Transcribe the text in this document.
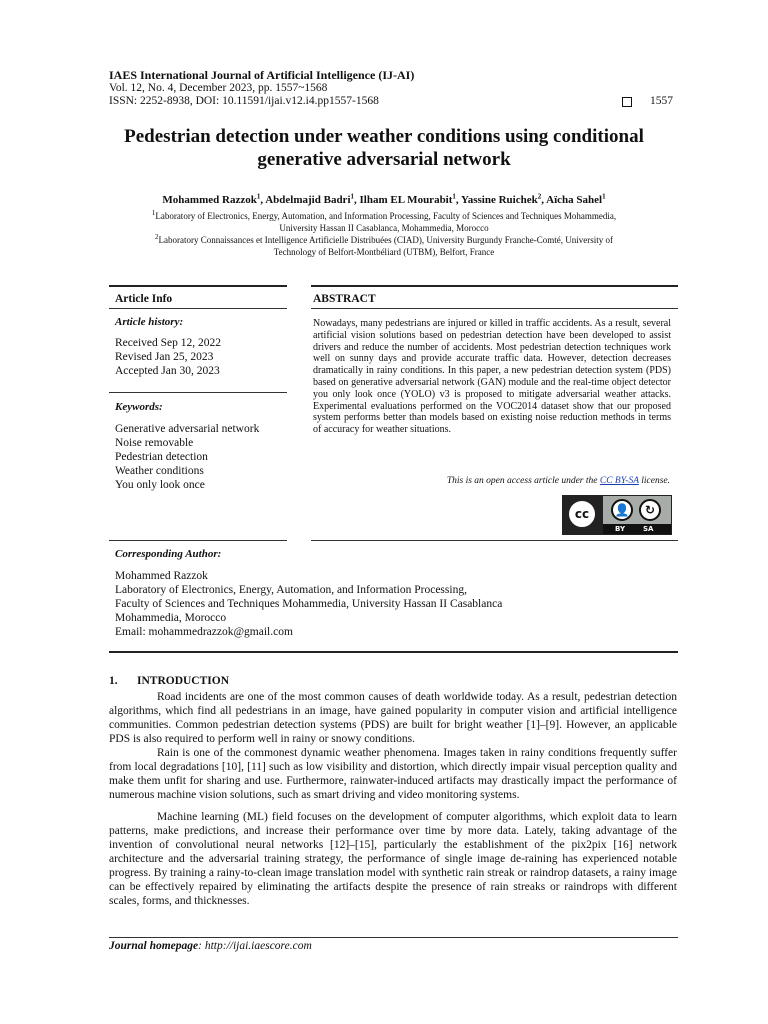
IAES International Journal of Artificial Intelligence (IJ-AI)
Vol. 12, No. 4, December 2023, pp. 1557~1568
ISSN: 2252-8938, DOI: 10.11591/ijai.v12.i4.pp1557-1568	1557
Pedestrian detection under weather conditions using conditional
generative adversarial network
Mohammed Razzok$^1$, Abdelmajid Badri$^1$, Ilham EL Mourabit$^1$, Yassine Ruichek$^2$, Aïcha Sahel$^1$
$^1$Laboratory of Electronics, Energy, Automation, and Information Processing, Faculty of Sciences and Techniques Mohammedia,
University Hassan II Casablanca, Mohammedia, Morocco
$^2$Laboratory Connaissances et Intelligence Artificielle Distribuées (CIAD), University Burgundy Franche-Comté, University of
Technology of Belfort-Montbéliard (UTBM), Belfort, France
Article Info	ABSTRACT
Article history:
Received Sep 12, 2022
Revised Jan 25, 2023
Accepted Jan 30, 2023
Keywords:
Generative adversarial network
Noise removable
Pedestrian detection
Weather conditions
You only look once
Nowadays, many pedestrians are injured or killed in traffic accidents. As a result, several artificial vision solutions based on pedestrian detection have been developed to assist drivers and reduce the number of accidents. Most pedestrian detection techniques work well on sunny days and provide accurate traffic data. However, detection decreases dramatically in rainy conditions. In this paper, a new pedestrian detection system (PDS) based on generative adversarial network (GAN) module and the real-time object detector you only look once (YOLO) v3 is proposed to mitigate adversarial weather attacks. Experimental evaluations performed on the VOC2014 dataset show that our proposed system performs better than models based on existing noise reduction methods in terms of accuracy for weather situations.
This is an open access article under the CC BY-SA license.
cc	👤	↻
BY	SA
Corresponding Author:
Mohammed Razzok
Laboratory of Electronics, Energy, Automation, and Information Processing,
Faculty of Sciences and Techniques Mohammedia, University Hassan II Casablanca
Mohammedia, Morocco
Email: mohammedrazzok@gmail.com
1. INTRODUCTION

Road incidents are one of the most common causes of death worldwide today. As a result, pedestrian detection algorithms, which find all pedestrians in an image, have gained popularity in computer vision and artificial intelligence communities. Common pedestrian detection systems (PDS) are built for bright weather [1]–[9]. However, an applicable PDS is also required to perform well in rainy or snowy conditions.

Rain is one of the commonest dynamic weather phenomena. Images taken in rainy conditions frequently suffer from local degradations [10], [11] such as low visibility and distortion, which directly impair visual perception quality and make them unfit for sharing and use. Furthermore, rainwater-induced artifacts may drastically impact the performance of numerous machine vision solutions, such as smart driving and video monitoring systems.

Machine learning (ML) field focuses on the development of computer algorithms, which exploit data to learn patterns, make predictions, and increase their performance over time by more data. Lately, taking advantage of the invention of convolutional neural networks [12]–[15], particularly the establishment of the pix2pix [16] network architecture and the adversarial training strategy, the performance of single image de-raining has experienced notable progress. By training a rainy-to-clean image translation model with synthetic rain streak or raindrop datasets, a rainy image can be effectively repaired by eliminating the artifacts despite the presence of rain streaks or raindrops with different scales, forms, and thicknesses.

Journal homepage: http://ijai.iaescore.com
